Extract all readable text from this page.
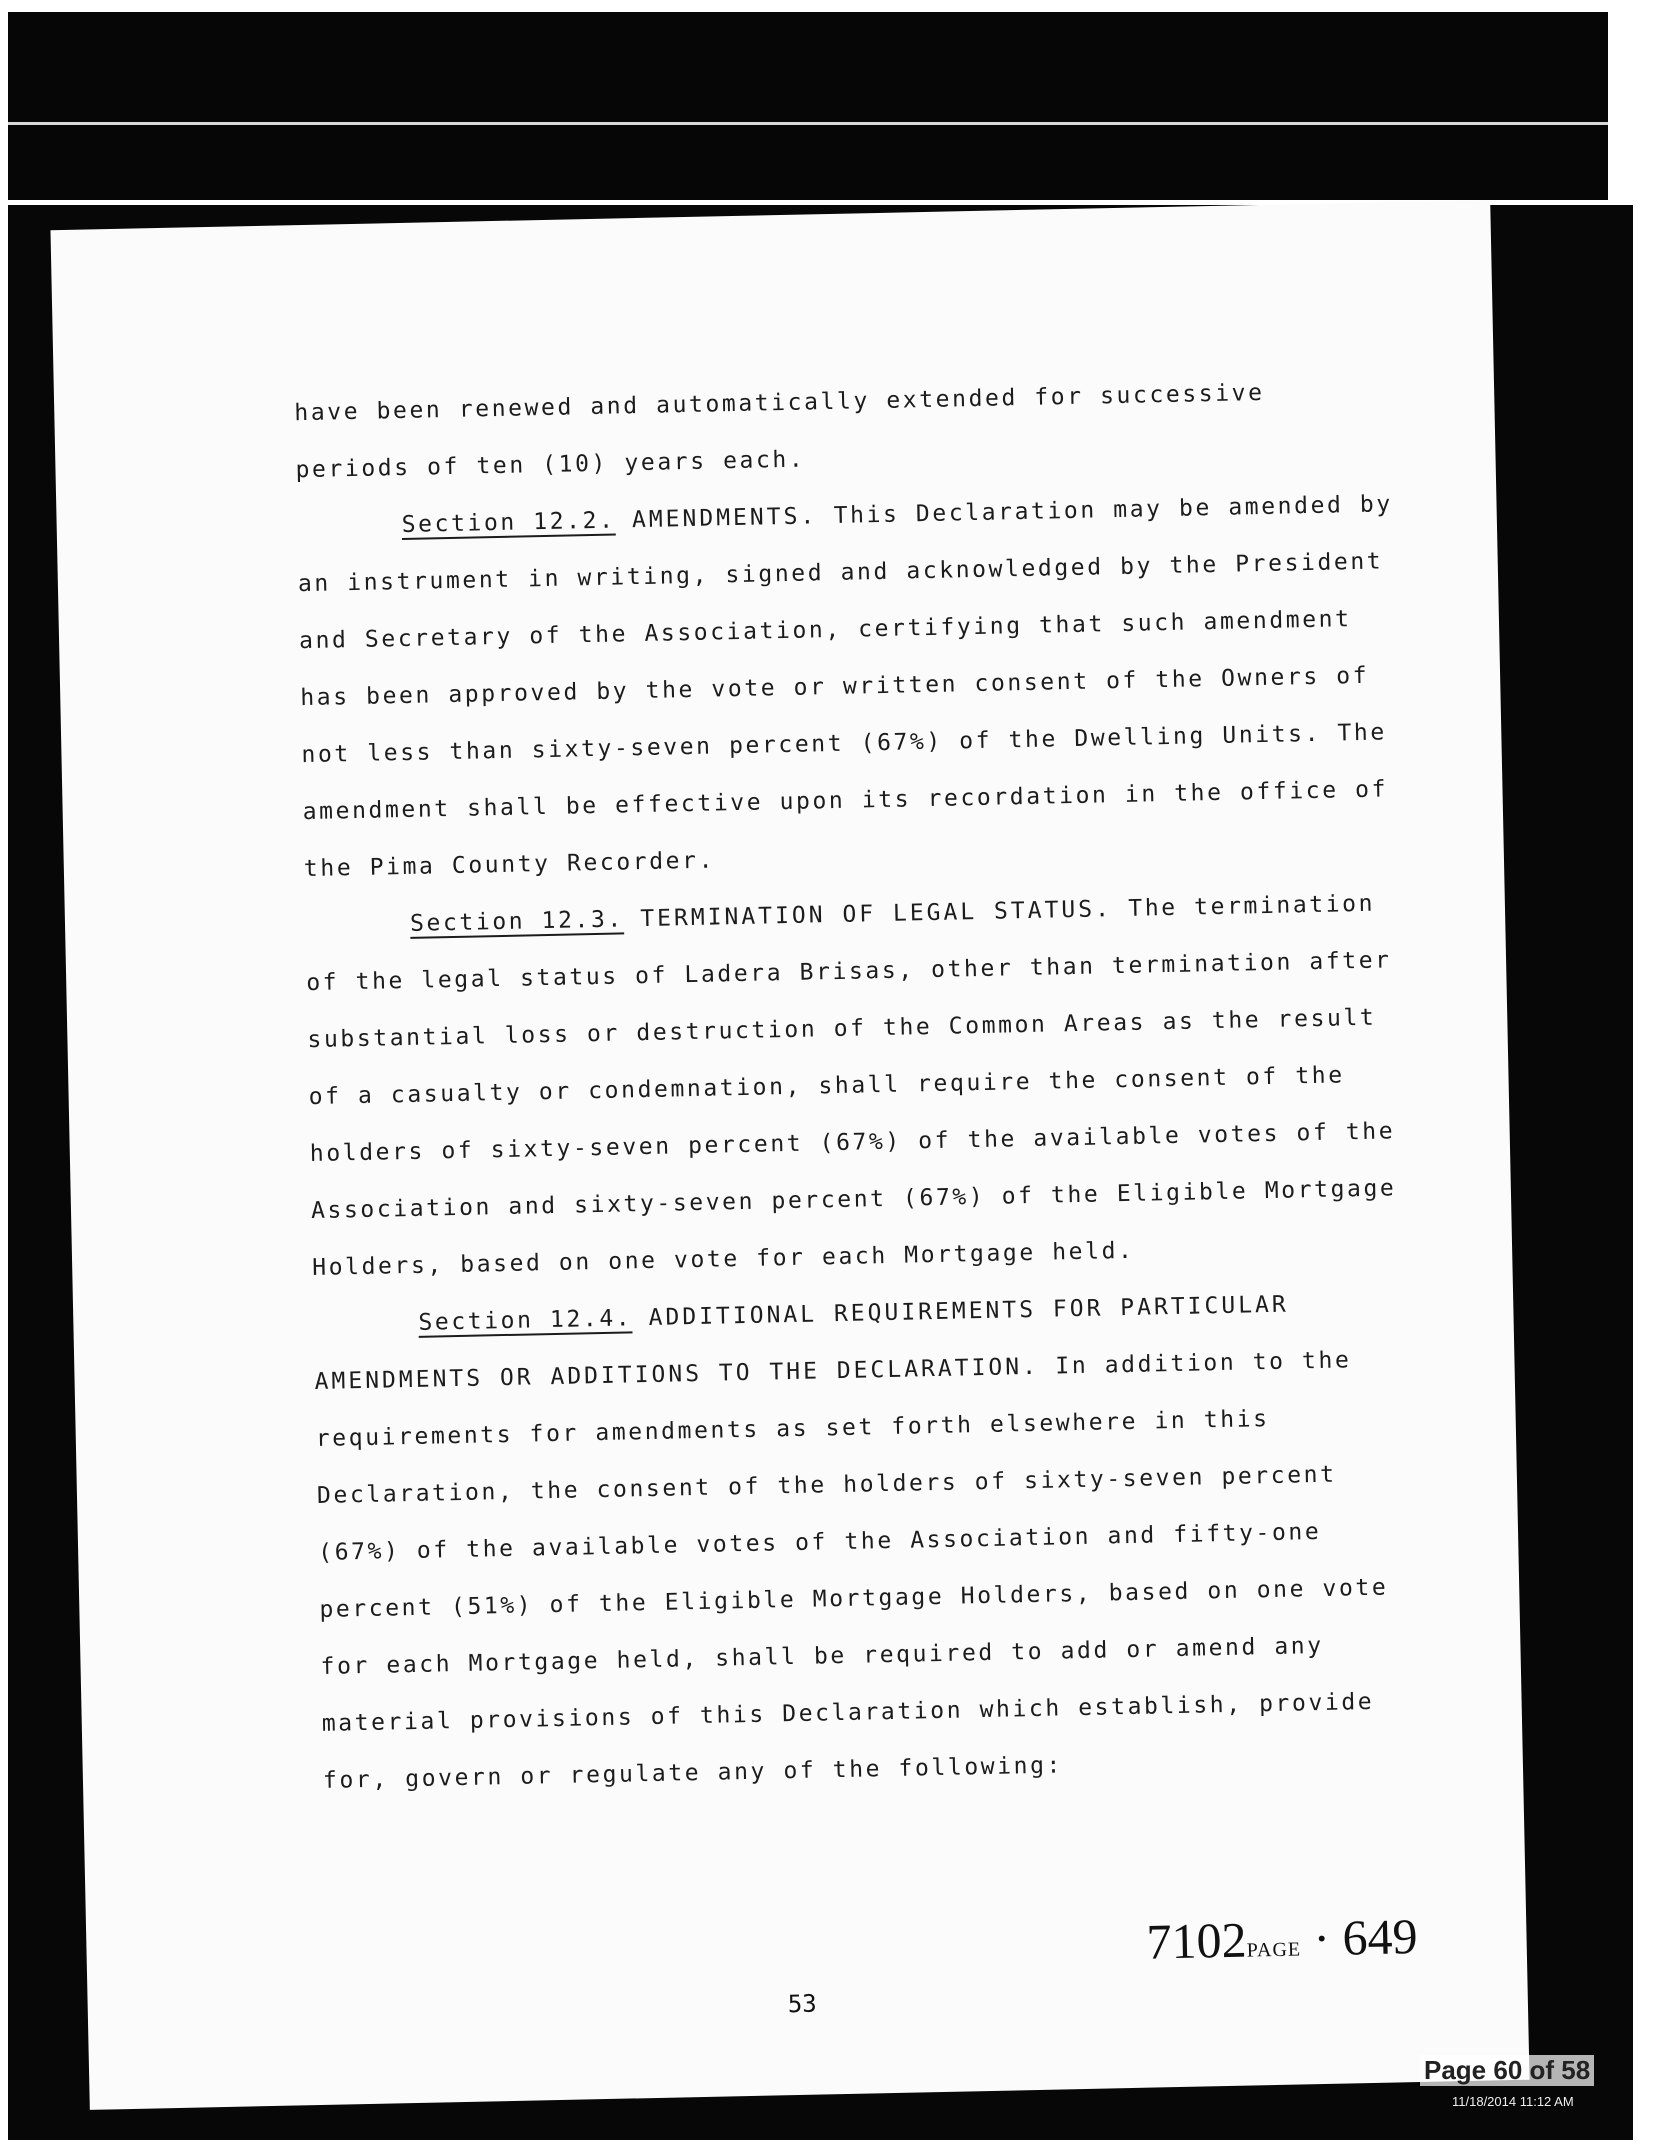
have been renewed and automatically extended for successive periods of ten (10) years each.

Section 12.2. AMENDMENTS. This Declaration may be amended by an instrument in writing, signed and acknowledged by the President and Secretary of the Association, certifying that such amendment has been approved by the vote or written consent of the Owners of not less than sixty-seven percent (67%) of the Dwelling Units. The amendment shall be effective upon its recordation in the office of the Pima County Recorder.

Section 12.3. TERMINATION OF LEGAL STATUS. The termination of the legal status of Ladera Brisas, other than termination after substantial loss or destruction of the Common Areas as the result of a casualty or condemnation, shall require the consent of the holders of sixty-seven percent (67%) of the available votes of the Association and sixty-seven percent (67%) of the Eligible Mortgage Holders, based on one vote for each Mortgage held.

Section 12.4. ADDITIONAL REQUIREMENTS FOR PARTICULAR AMENDMENTS OR ADDITIONS TO THE DECLARATION. In addition to the requirements for amendments as set forth elsewhere in this Declaration, the consent of the holders of sixty-seven percent (67%) of the available votes of the Association and fifty-one percent (51%) of the Eligible Mortgage Holders, based on one vote for each Mortgage held, shall be required to add or amend any material provisions of this Declaration which establish, provide for, govern or regulate any of the following:

7102PAGE · 649
53
Page 60 of 58
11/18/2014 11:12 AM
